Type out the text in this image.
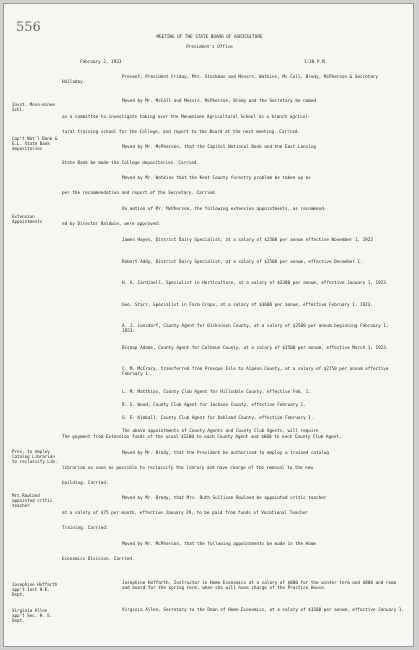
556
MEETING OF THE STATE BOARD OF AGRICULTURE
President's Office
February 2, 1923	1:30 P.M.
Present, President Friday, Mrs. Stockman and Messrs. Watkins, Mc Coll, Brody, McPherson & Secretary Halladay.
Invst. Meno-minee Schl.
Cap't Nat'l Bank & E.L. State Bank depositories
Extension Appointments
Pres. to employ Catalog Librarian to reclassify Lib.
Mrs.Rowland appointed critic teacher
Josephine Hoffarth app't Inst H.E. Dept.
Virginia Allen app't Sec. H. E. Dept.
Moved by Mr. McColl and Messrs. McPherson, Brody and the Secretary be named
as a committee to investigate taking over the Menominee Agricultural School as a branch agricul-
tural training school for the College, and report to the Board at the next meeting. Carried.
Moved by Mr. McPherson, that the Capitol National Bank and the East Lansing
State Bank be made the College depositories. Carried.
Moved by Mr. Watkins that the Kent County forestry problem be taken up as
per the recommendation and report of the Secretary. Carried.
On motion of Mr. McPherson, the following extension appointments, as recommend-
ed by Director Baldwin, were approved:
James Hayes, District Dairy Specialist, at a salary of $2500 per annum effective November 1, 1922
Robert Addy, District Dairy Specialist, at a salary of $2500 per annum, effective December 1.
H. A. Cardinell, Specialist in Horticulture, at a salary of $3300 per annum, effective January 1, 1923.
Geo. Starr, Specialist in Farm Crops, at a salary of $3600 per annum, effective February 1, 1923.
A. J. Lonsdorf, County Agent for Dickinson County, at a salary of $2500 per annum beginning February 1, 1923.
Bishop Adams, County Agent for Calhoun County, at a salary of $2500 per annum, effective March 1, 1923.
C. M. McCrary, transferred from Presque Isle to Alpena County, at a salary of $2750 per annum effective February 1.
L. M. Matthias, County Club Agent for Hillsdale County, effective Feb. 1.
R. S. Wood, County Club Agent for Jackson County, effective February 1.
G. E. Kimball, County Club Agent for Oakland County, effective February 1.
The above appointments of County Agents and County Club Agents, will require
The payment from Extension funds of the usual $1200 to each County Agent and $600 to each County Club Agent.
Moved by Mr. Brody, that the President be authorized to employ a trained catalog
librarian as soon as possible to reclassify the library and have charge of the removal to the new
building. Carried.
Moved by Mr. Brody, that Mrs. Ruth Sullivan Rowland be appointed critic teacher
at a salary of $75 per month, effective January 29, to be paid from funds of Vocational Teacher
Training. Carried.
Moved by Mr. McPherson, that the following appointments be made in the Home
Economics Division. Carried.
Josephine Hoffarth, Instructor in Home Economics at a salary of $800 for the winter term and $800 and room and board for the spring term, when she will have charge of the Practice House.
Virginia Allen, Secretary to the Dean of Home Economics, at a salary of $1500 per annum, effective January 1.
